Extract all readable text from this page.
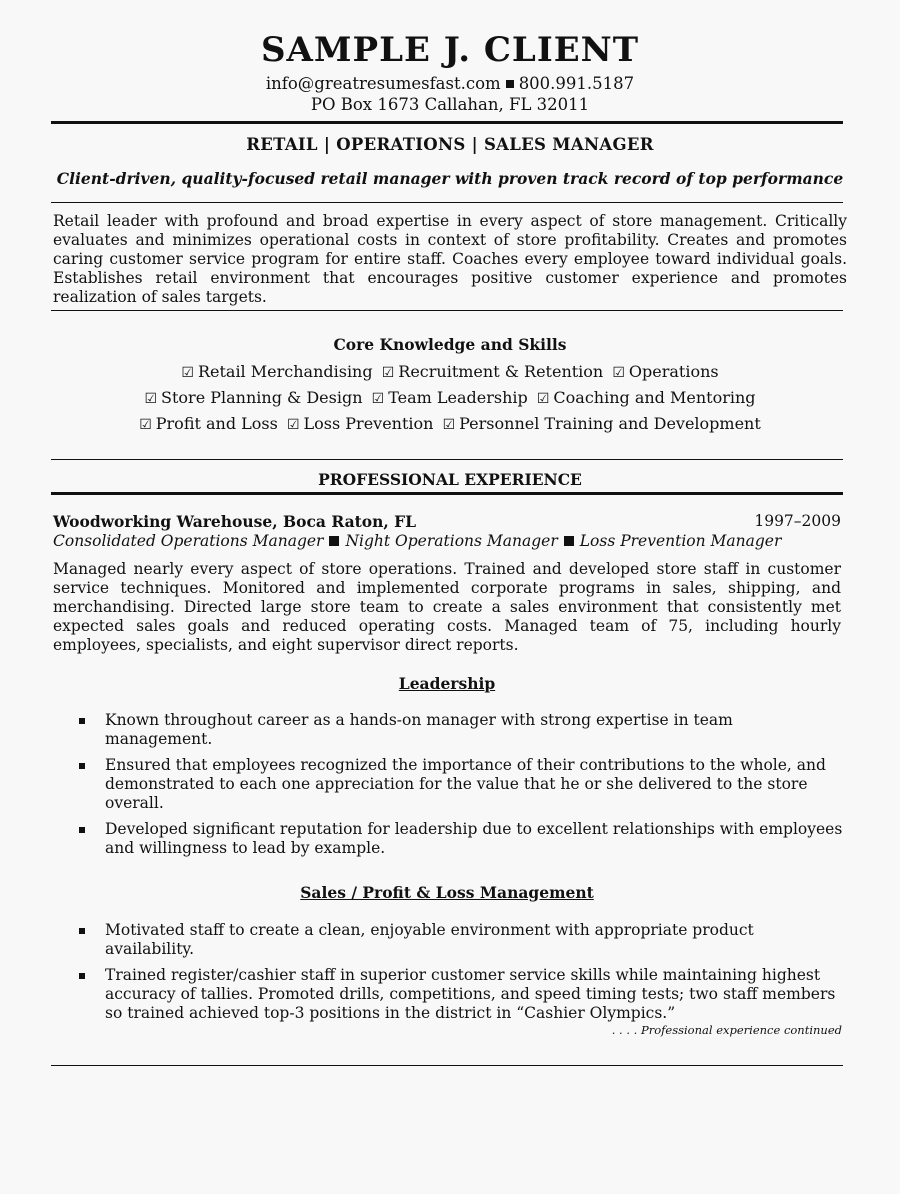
SAMPLE J. CLIENT
info@greatresumesfast.com 800.991.5187
PO Box 1673 Callahan, FL 32011
RETAIL | OPERATIONS | SALES MANAGER
Client-driven, quality-focused retail manager with proven track record of top performance
Retail leader with profound and broad expertise in every aspect of store management. Critically evaluates and minimizes operational costs in context of store profitability. Creates and promotes caring customer service program for entire staff. Coaches every employee toward individual goals. Establishes retail environment that encourages positive customer experience and promotes realization of sales targets.
Core Knowledge and Skills
☑ Retail Merchandising ☑ Recruitment & Retention ☑ Operations
☑ Store Planning & Design ☑ Team Leadership ☑ Coaching and Mentoring
☑ Profit and Loss ☑ Loss Prevention ☑ Personnel Training and Development
PROFESSIONAL EXPERIENCE
Woodworking Warehouse, Boca Raton, FL	1997–2009
Consolidated Operations Manager Night Operations Manager Loss Prevention Manager
Managed nearly every aspect of store operations. Trained and developed store staff in customer service techniques. Monitored and implemented corporate programs in sales, shipping, and merchandising. Directed large store team to create a sales environment that consistently met expected sales goals and reduced operating costs. Managed team of 75, including hourly employees, specialists, and eight supervisor direct reports.
Leadership
Known throughout career as a hands-on manager with strong expertise in team management.
Ensured that employees recognized the importance of their contributions to the whole, and demonstrated to each one appreciation for the value that he or she delivered to the store overall.
Developed significant reputation for leadership due to excellent relationships with employees and willingness to lead by example.
Sales / Profit & Loss Management
Motivated staff to create a clean, enjoyable environment with appropriate product availability.
Trained register/cashier staff in superior customer service skills while maintaining highest accuracy of tallies. Promoted drills, competitions, and speed timing tests; two staff members so trained achieved top-3 positions in the district in “Cashier Olympics.”
. . . . Professional experience continued
